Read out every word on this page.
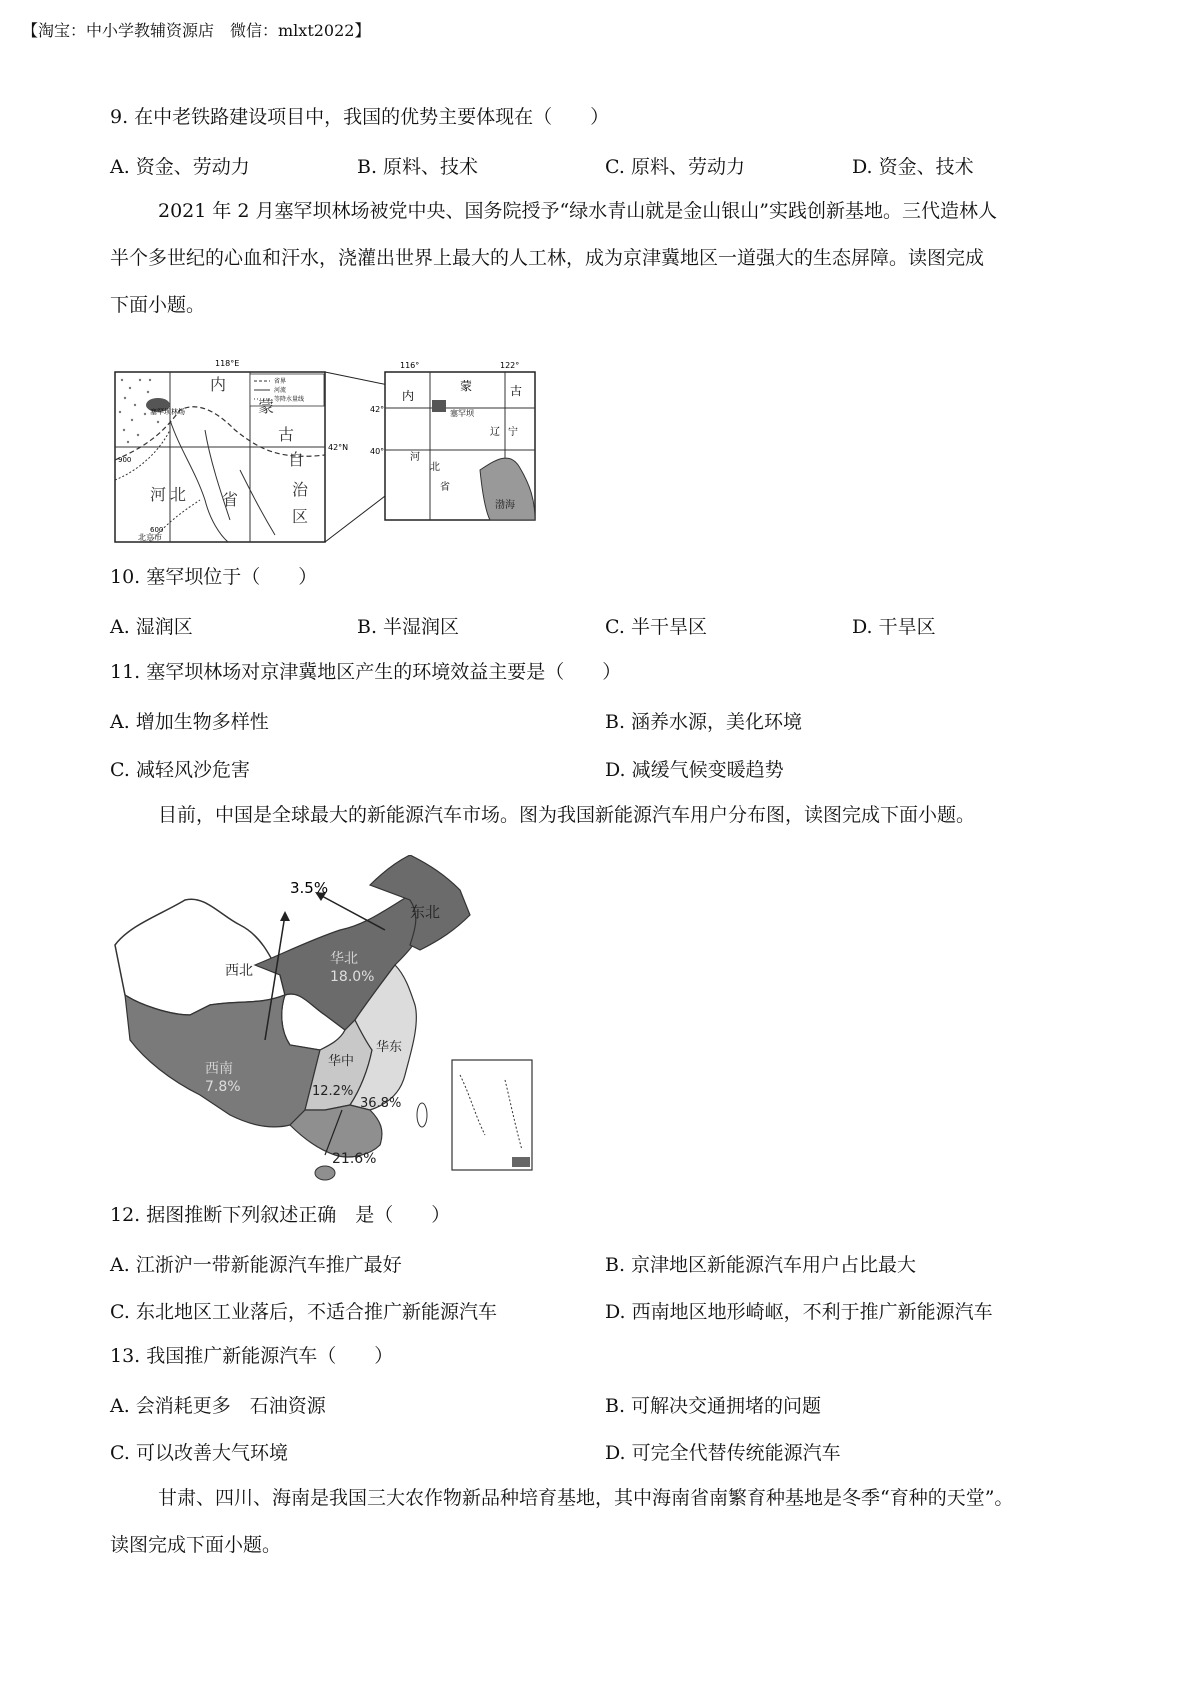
【淘宝：中小学教辅资源店　微信：mlxt2022】
9. 在中老铁路建设项目中，我国的优势主要体现在（　　）
A. 资金、劳动力	B. 原料、技术	C. 原料、劳动力	D. 资金、技术
2021 年 2 月塞罕坝林场被党中央、国务院授予“绿水青山就是金山银山”实践创新基地。三代造林人
半个多世纪的心血和汗水，浇灌出世界上最大的人工林，成为京津冀地区一道强大的生态屏障。读图完成
下面小题。
省界
河流
等降水量线
118°E
42°N
内
蒙
古
自
治
区
河 北 省
塞罕坝林场
900
600
北京市
116°	122°
42°
40°
内
蒙	古
塞罕坝
辽 宁
河
北
省
渤海
10. 塞罕坝位于（　　）
A. 湿润区	B. 半湿润区	C. 半干旱区	D. 干旱区
11. 塞罕坝林场对京津冀地区产生的环境效益主要是（　　）
A. 增加生物多样性	B. 涵养水源，美化环境
C. 减轻风沙危害	D. 减缓气候变暖趋势
目前，中国是全球最大的新能源汽车市场。图为我国新能源汽车用户分布图，读图完成下面小题。
3.5%
东北
华北
18.0%
西北
西南
7.8%
华中
12.2%
华东
36.8%
21.6%
12. 据图推断下列叙述正确　是（　　）
A. 江浙沪一带新能源汽车推广最好	B. 京津地区新能源汽车用户占比最大
C. 东北地区工业落后，不适合推广新能源汽车	D. 西南地区地形崎岖，不利于推广新能源汽车
13. 我国推广新能源汽车（　　）
A. 会消耗更多　石油资源	B. 可解决交通拥堵的问题
C. 可以改善大气环境	D. 可完全代替传统能源汽车
甘肃、四川、海南是我国三大农作物新品种培育基地，其中海南省南繁育种基地是冬季“育种的天堂”。
读图完成下面小题。
